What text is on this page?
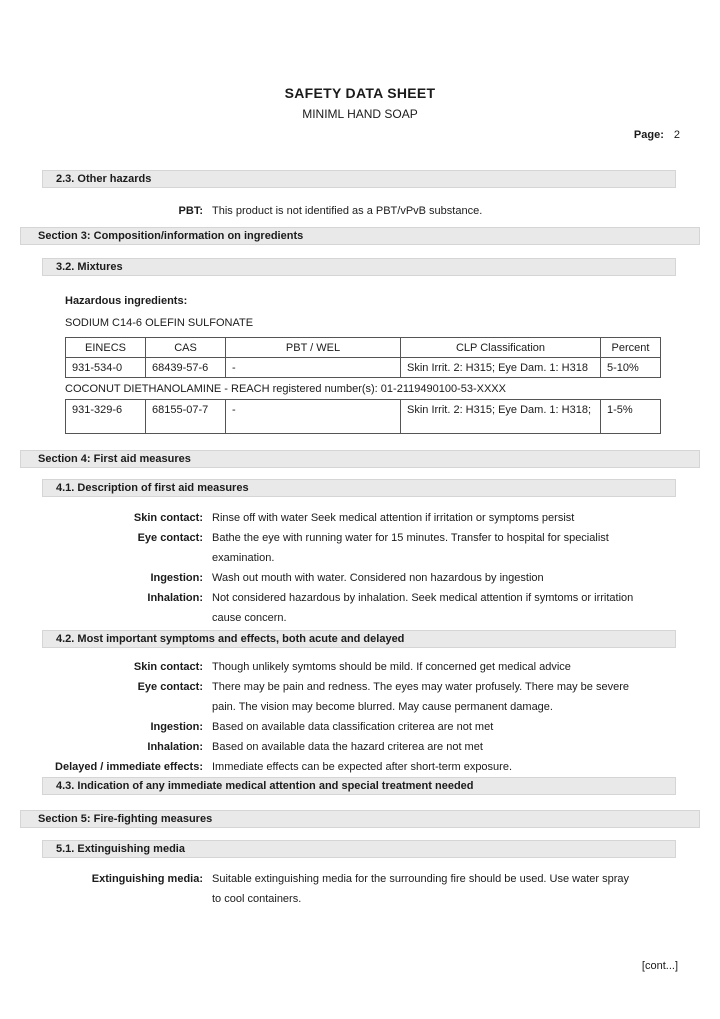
SAFETY DATA SHEET
MINIML HAND SOAP
Page: 2
2.3. Other hazards
PBT: This product is not identified as a PBT/vPvB substance.
Section 3: Composition/information on ingredients
3.2. Mixtures
Hazardous ingredients:
SODIUM C14-6 OLEFIN SULFONATE
EINECS	CAS	PBT / WEL	CLP Classification	Percent
931-534-0	68439-57-6	-	Skin Irrit. 2: H315; Eye Dam. 1: H318	5-10%
COCONUT DIETHANOLAMINE - REACH registered number(s): 01-2119490100-53-XXXX
931-329-6	68155-07-7	-	Skin Irrit. 2: H315; Eye Dam. 1: H318;	1-5%
Section 4: First aid measures
4.1. Description of first aid measures
Skin contact: Rinse off with water Seek medical attention if irritation or symptoms persist
Eye contact: Bathe the eye with running water for 15 minutes. Transfer to hospital for specialist examination.
Ingestion: Wash out mouth with water. Considered non hazardous by ingestion
Inhalation: Not considered hazardous by inhalation. Seek medical attention if symtoms or irritation cause concern.
4.2. Most important symptoms and effects, both acute and delayed
Skin contact: Though unlikely symtoms should be mild. If concerned get medical advice
Eye contact: There may be pain and redness. The eyes may water profusely. There may be severe pain. The vision may become blurred. May cause permanent damage.
Ingestion: Based on available data classification criterea are not met
Inhalation: Based on available data the hazard criterea are not met
Delayed / immediate effects: Immediate effects can be expected after short-term exposure.
4.3. Indication of any immediate medical attention and special treatment needed
Section 5: Fire-fighting measures
5.1. Extinguishing media
Extinguishing media: Suitable extinguishing media for the surrounding fire should be used. Use water spray to cool containers.
[cont...]
